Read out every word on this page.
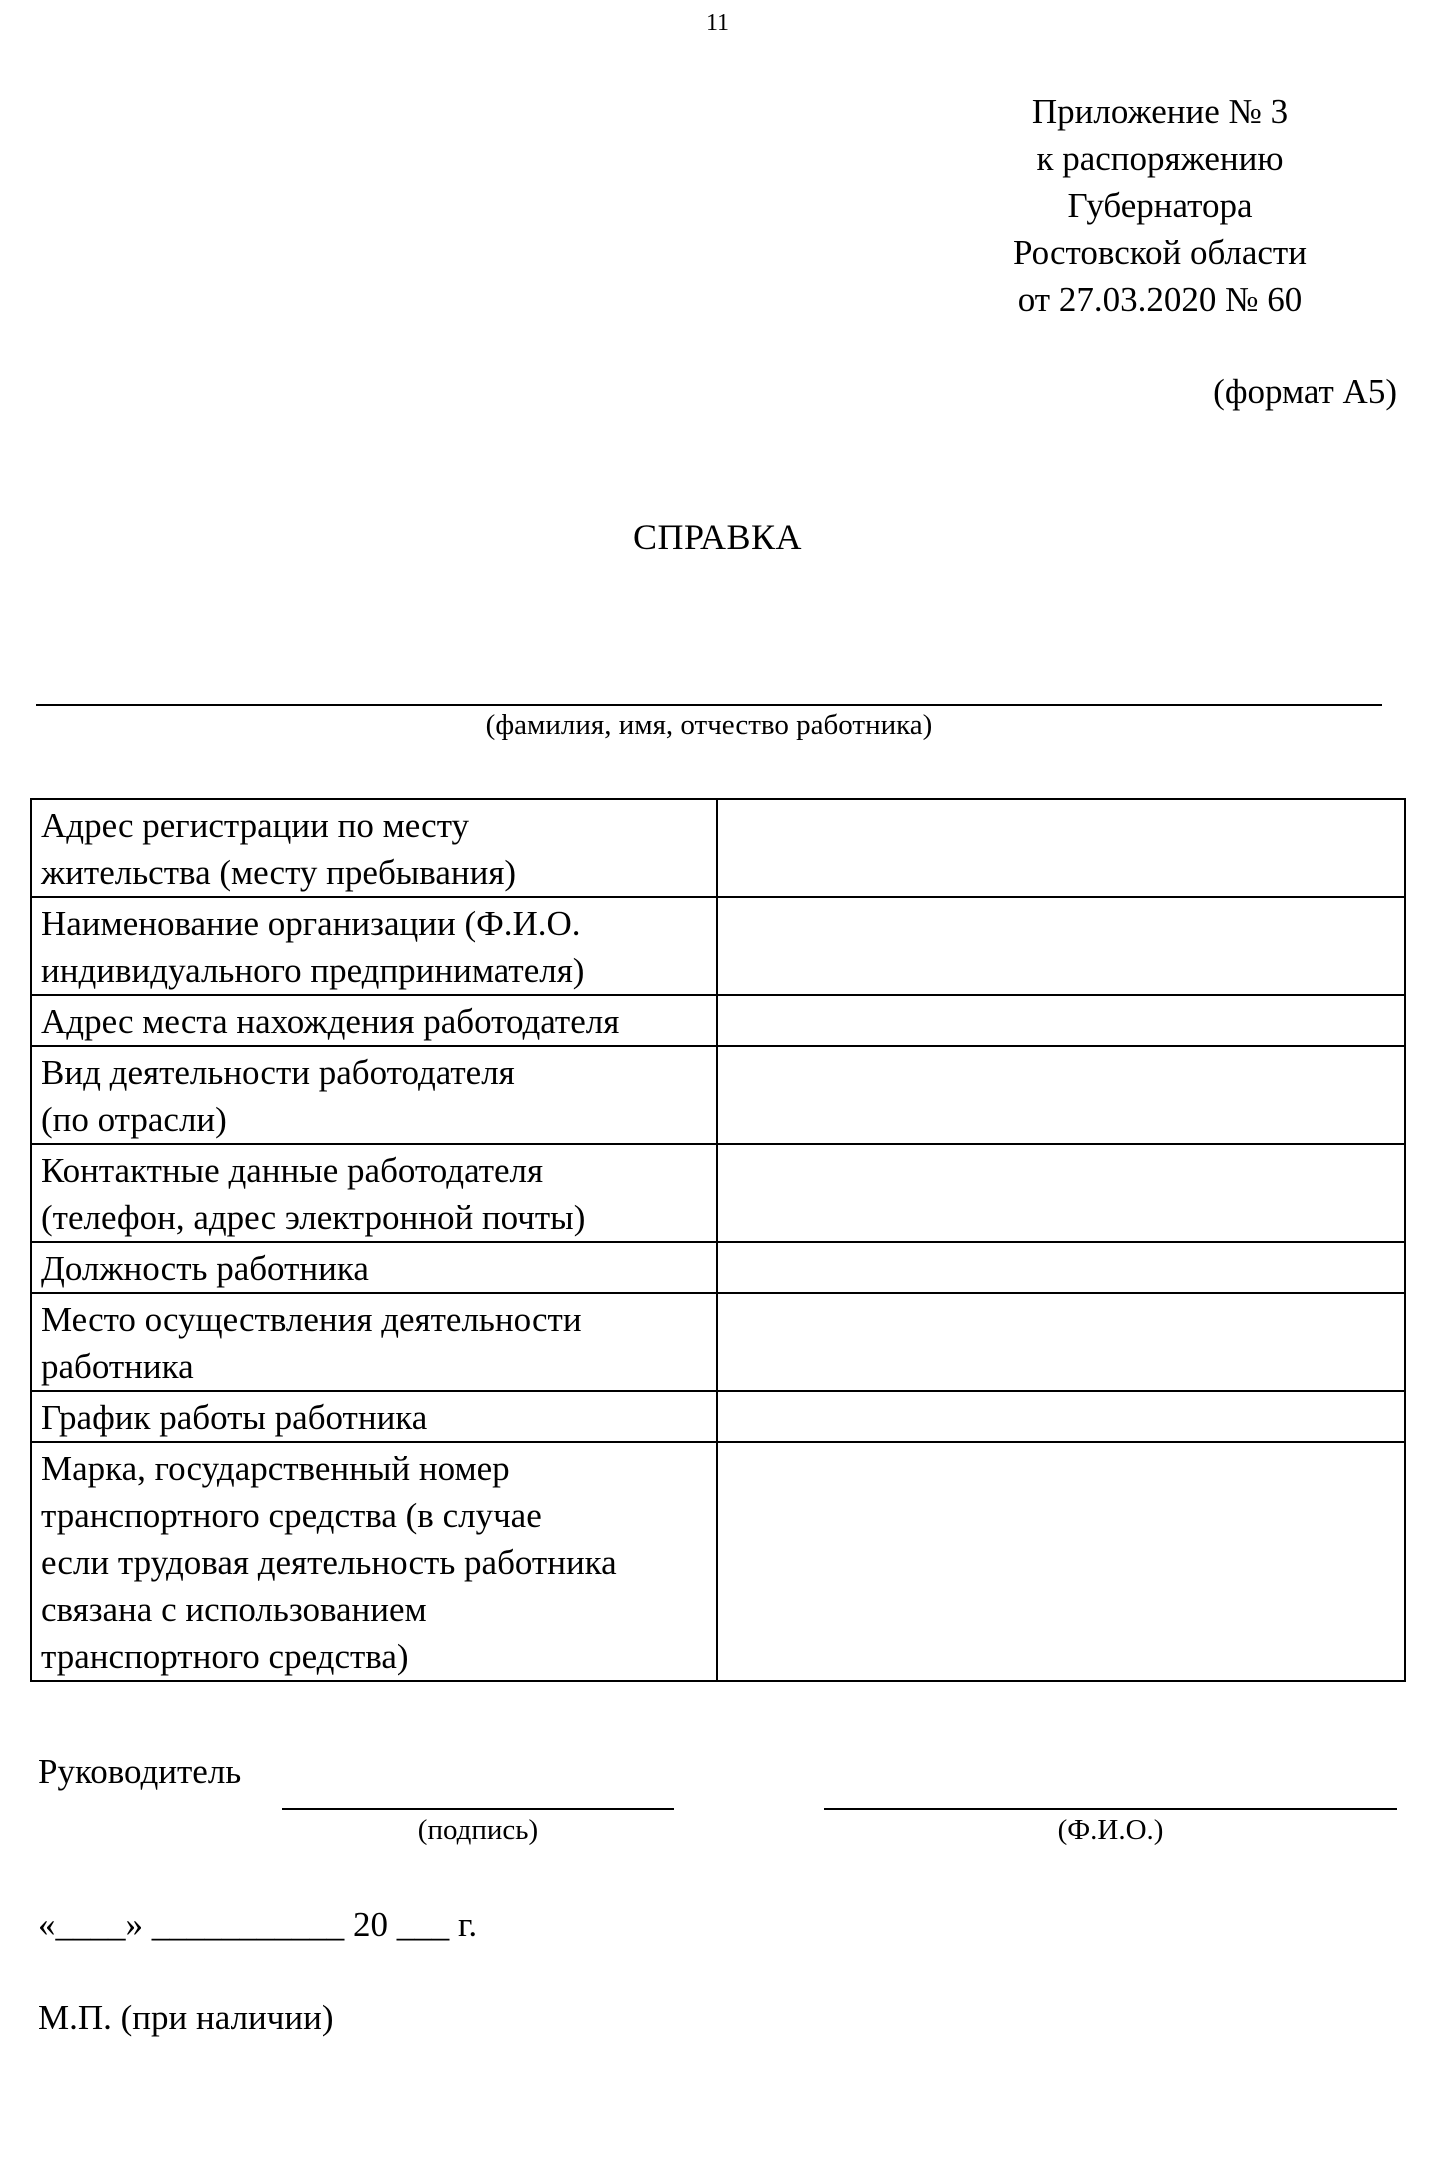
11
Приложение № 3
к распоряжению
Губернатора
Ростовской области
от 27.03.2020 № 60
(формат А5)
СПРАВКА
(фамилия, имя, отчество работника)
Адрес регистрации по месту
жительства (месту пребывания)	

Наименование организации (Ф.И.О.
индивидуального предпринимателя)	

Адрес места нахождения работодателя	

Вид деятельности работодателя
(по отрасли)	

Контактные данные работодателя
(телефон, адрес электронной почты)	

Должность работника	

Место осуществления деятельности
работника	

График работы работника	

Марка, государственный номер
транспортного средства (в случае
если трудовая деятельность работника
связана с использованием
транспортного средства)	

Руководитель
(подпись)	(Ф.И.О.)
«____» ___________ 20 ___ г.
М.П. (при наличии)
